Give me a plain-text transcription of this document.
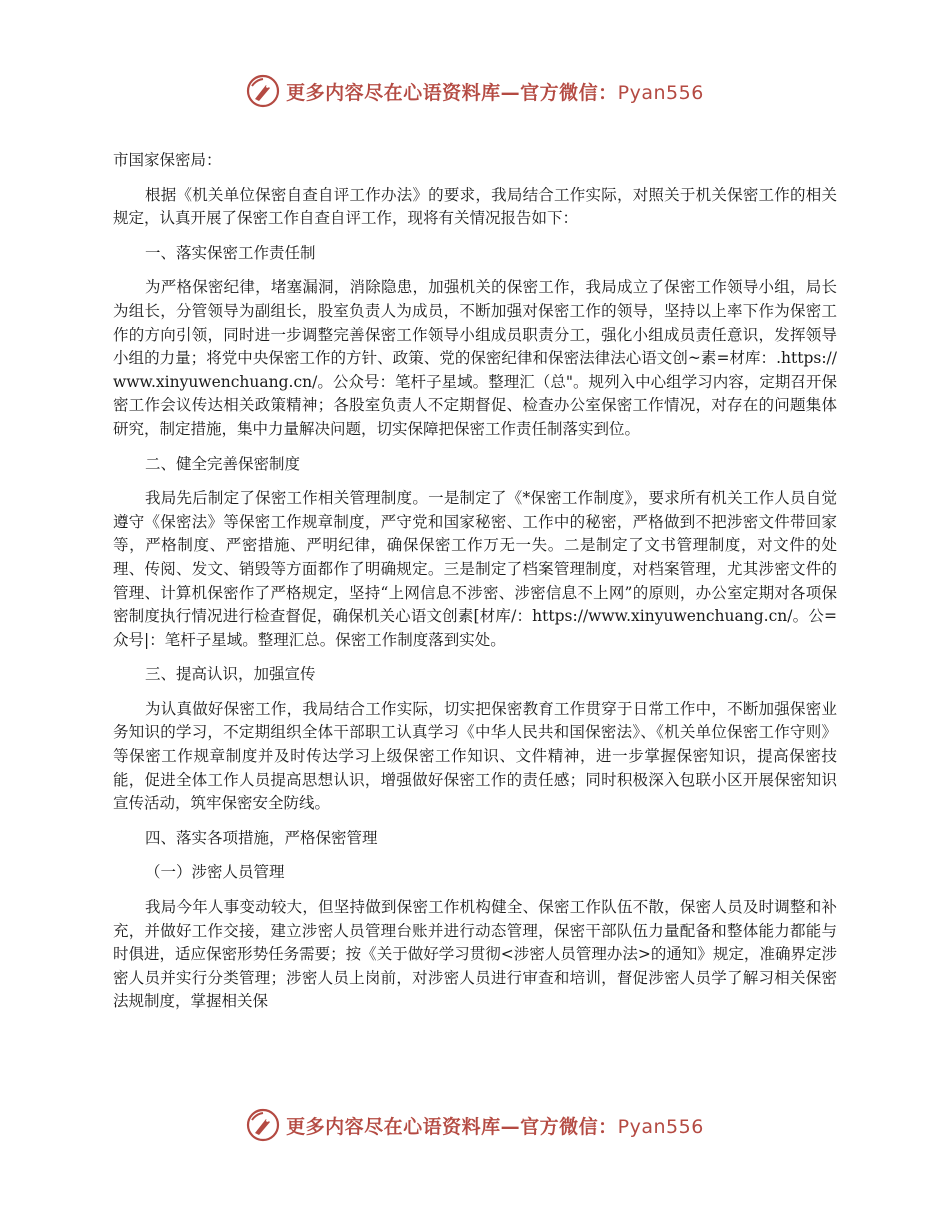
更多内容尽在心语资料库—官方微信：Pyan556

市国家保密局：

根据《机关单位保密自查自评工作办法》的要求，我局结合工作实际，对照关于机关保密工作的相关规定，认真开展了保密工作自查自评工作，现将有关情况报告如下：

一、落实保密工作责任制

为严格保密纪律，堵塞漏洞，消除隐患，加强机关的保密工作，我局成立了保密工作领导小组，局长为组长，分管领导为副组长，股室负责人为成员，不断加强对保密工作的领导，坚持以上率下作为保密工作的方向引领，同时进一步调整完善保密工作领导小组成员职责分工，强化小组成员责任意识，发挥领导小组的力量；将党中央保密工作的方针、政策、党的保密纪律和保密法律法心语文创~素=材库：.https://www.xinyuwenchuang.cn/。公众号：笔杆子星域。整理汇（总"。规列入中心组学习内容，定期召开保密工作会议传达相关政策精神；各股室负责人不定期督促、检查办公室保密工作情况，对存在的问题集体研究，制定措施，集中力量解决问题，切实保障把保密工作责任制落实到位。

二、健全完善保密制度

我局先后制定了保密工作相关管理制度。一是制定了《*保密工作制度》，要求所有机关工作人员自觉遵守《保密法》等保密工作规章制度，严守党和国家秘密、工作中的秘密，严格做到不把涉密文件带回家等，严格制度、严密措施、严明纪律，确保保密工作万无一失。二是制定了文书管理制度，对文件的处理、传阅、发文、销毁等方面都作了明确规定。三是制定了档案管理制度，对档案管理，尤其涉密文件的管理、计算机保密作了严格规定，坚持“上网信息不涉密、涉密信息不上网”的原则，办公室定期对各项保密制度执行情况进行检查督促，确保机关心语文创素[材库/：https://www.xinyuwenchuang.cn/。公=众号|：笔杆子星域。整理汇总。保密工作制度落到实处。

三、提高认识，加强宣传

为认真做好保密工作，我局结合工作实际，切实把保密教育工作贯穿于日常工作中，不断加强保密业务知识的学习，不定期组织全体干部职工认真学习《中华人民共和国保密法》、《机关单位保密工作守则》等保密工作规章制度并及时传达学习上级保密工作知识、文件精神，进一步掌握保密知识，提高保密技能，促进全体工作人员提高思想认识，增强做好保密工作的责任感；同时积极深入包联小区开展保密知识宣传活动，筑牢保密安全防线。

四、落实各项措施，严格保密管理

（一）涉密人员管理

我局今年人事变动较大，但坚持做到保密工作机构健全、保密工作队伍不散，保密人员及时调整和补充，并做好工作交接，建立涉密人员管理台账并进行动态管理，保密干部队伍力量配备和整体能力都能与时俱进，适应保密形势任务需要；按《关于做好学习贯彻<涉密人员管理办法>的通知》规定，准确界定涉密人员并实行分类管理；涉密人员上岗前，对涉密人员进行审查和培训，督促涉密人员学了解习相关保密法规制度，掌握相关保

更多内容尽在心语资料库—官方微信：Pyan556
